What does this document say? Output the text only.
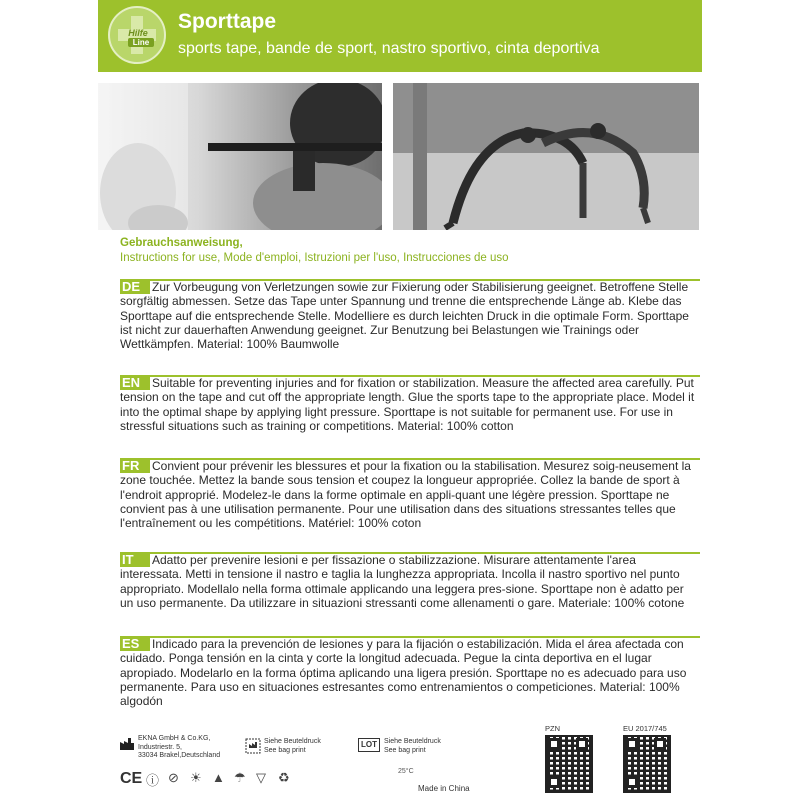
Hilfe
Line
Sporttape
sports tape, bande de sport, nastro sportivo, cinta deportiva
Gebrauchsanweisung,
Instructions for use, Mode d'emploi, Istruzioni per l'uso, Instrucciones de uso
DE Zur Vorbeugung von Verletzungen sowie zur Fixierung oder Stabilisierung geeignet. Betroffene Stelle sorgfältig abmessen. Setze das Tape unter Spannung und trenne die entsprechende Länge ab. Klebe das Sporttape auf die entsprechende Stelle. Modelliere es durch leichten Druck in die optimale Form. Sporttape ist nicht zur dauerhaften Anwendung geeignet. Zur Benutzung bei Belastungen wie Trainings oder Wettkämpfen. Material: 100% Baumwolle
EN Suitable for preventing injuries and for fixation or stabilization. Measure the affected area carefully. Put tension on the tape and cut off the appropriate length. Glue the sports tape to the appropriate place. Model it into the optimal shape by applying light pressure. Sporttape is not suitable for permanent use. For use in stressful situations such as training or competitions. Material: 100% cotton
FR	Convient pour prévenir les blessures et pour la fixation ou la stabilisation. Mesurez soig-neusement la zone touchée. Mettez la bande sous tension et coupez la longueur appropriée. Collez la bande de sport à l'endroit approprié. Modelez-le dans la forme optimale en appli-quant une légère pression. Sporttape ne convient pas à une utilisation permanente. Pour une utilisation dans des situations stressantes telles que l'entraînement ou les compétitions. Matériel: 100% coton
IT	Adatto per prevenire lesioni e per fissazione o stabilizzazione. Misurare attentamente l'area interessata. Metti in tensione il nastro e taglia la lunghezza appropriata. Incolla il nastro sportivo nel punto appropriato. Modellalo nella forma ottimale applicando una leggera pres-sione. Sporttape non è adatto per un uso permanente. Da utilizzare in situazioni stressanti come allenamenti o gare. Materiale: 100% cotone
ES	Indicado para la prevención de lesiones y para la fijación o estabilización. Mida el área afectada con cuidado. Ponga tensión en la cinta y corte la longitud adecuada. Pegue la cinta deportiva en el lugar apropiado. Modelarlo en la forma óptima aplicando una ligera presión. Sporttape no es adecuado para uso permanente. Para uso en situaciones estresantes como entrenamientos o competiciones. Material: 100% algodón
EKNA GmbH & Co.KG,
Industriestr. 5,
33034 Brakel,Deutschland
Siehe Beuteldruck
See bag print
LOT	Siehe Beuteldruck
See bag print
CE ⓘ ⊘ ☀ ▲ ☂ ▽ ♻	25°C
Made in China
PZN	EU 2017/745
